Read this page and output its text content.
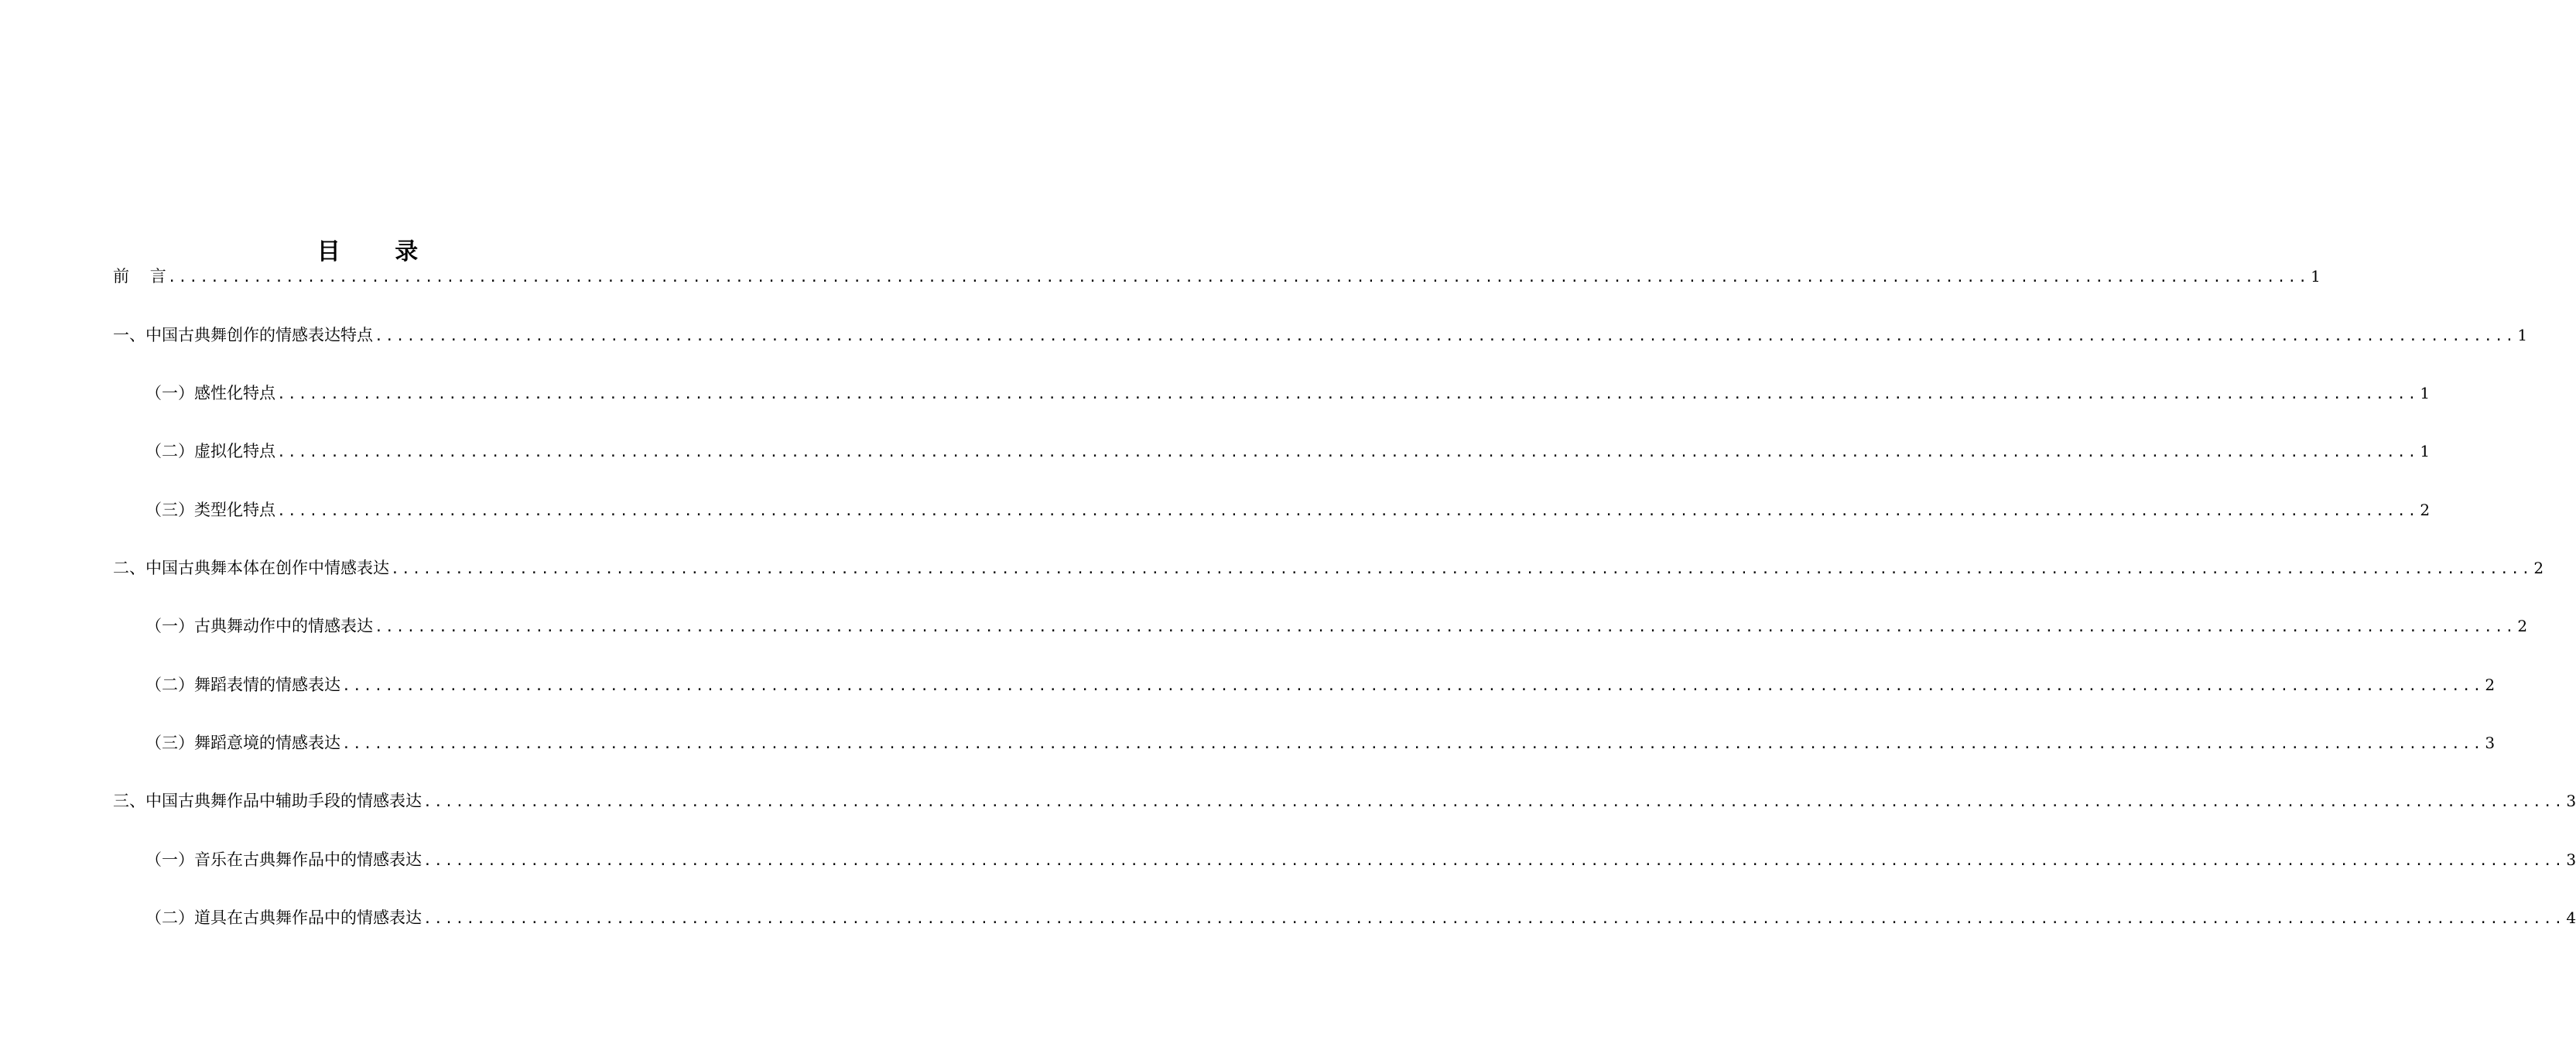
目 录
前    言 ........................................................................................................................................................................................................ 1
一、中国古典舞创作的情感表达特点 ........................................................................................................................................................................................................ 1
（一）感性化特点 ........................................................................................................................................................................................................ 1
（二）虚拟化特点 ........................................................................................................................................................................................................ 1
（三）类型化特点 ........................................................................................................................................................................................................ 2
二、中国古典舞本体在创作中情感表达 ........................................................................................................................................................................................................ 2
（一）古典舞动作中的情感表达 ........................................................................................................................................................................................................ 2
（二）舞蹈表情的情感表达 ........................................................................................................................................................................................................ 2
（三）舞蹈意境的情感表达 ........................................................................................................................................................................................................ 3
三、中国古典舞作品中辅助手段的情感表达 ........................................................................................................................................................................................................ 3
（一）音乐在古典舞作品中的情感表达 ........................................................................................................................................................................................................ 3
（二）道具在古典舞作品中的情感表达 ........................................................................................................................................................................................................ 4
